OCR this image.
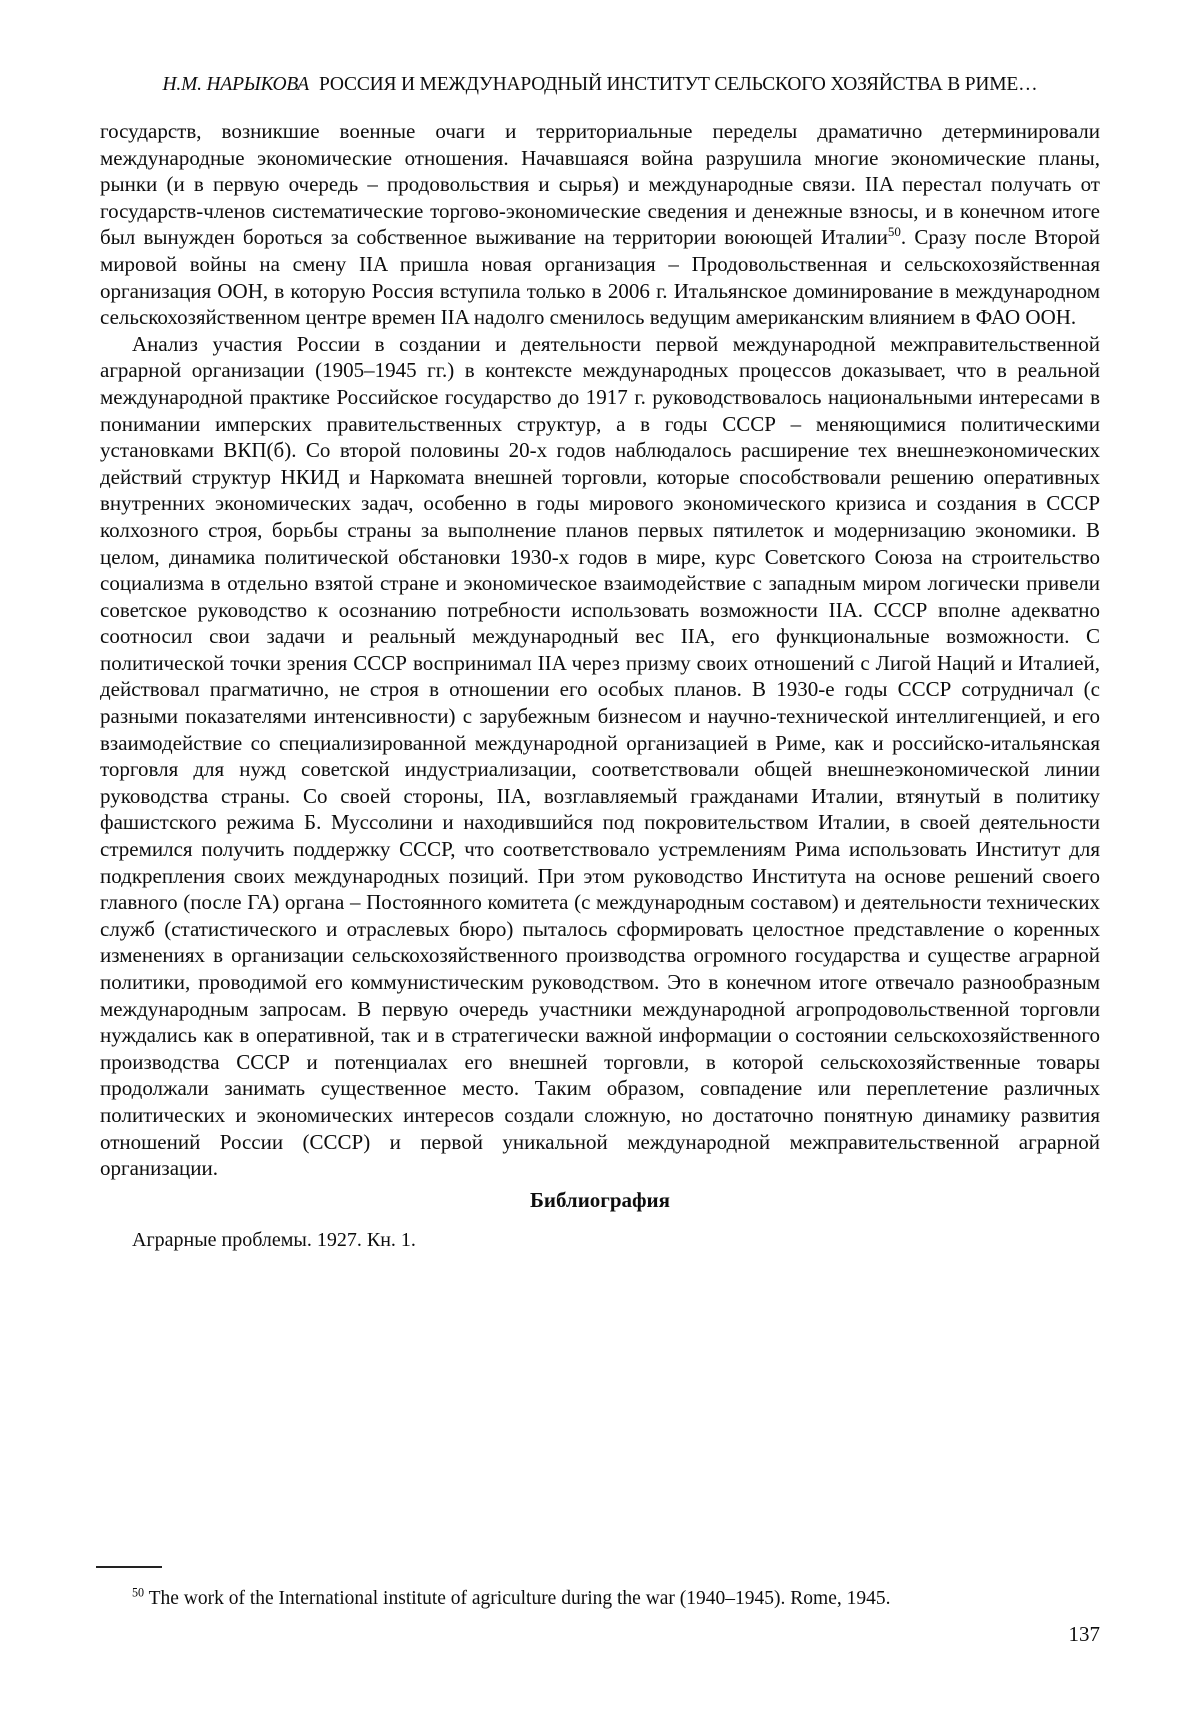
Н.М. НАРЫКОВА РОССИЯ И МЕЖДУНАРОДНЫЙ ИНСТИТУТ СЕЛЬСКОГО ХОЗЯЙСТВА В РИМЕ…

государств, возникшие военные очаги и территориальные переделы драматично детерминировали международные экономические отношения. Начавшаяся война разрушила многие экономические планы, рынки (и в первую очередь – продовольствия и сырья) и международные связи. IIA перестал получать от государств-членов систематические торгово-экономические сведения и денежные взносы, и в конечном итоге был вынужден бороться за собственное выживание на территории воюющей Италии$^{50}$. Сразу после Второй мировой войны на смену IIA пришла новая организация – Продовольственная и сельскохозяйственная организация ООН, в которую Россия вступила только в 2006 г. Итальянское доминирование в международном сельскохозяйственном центре времен IIA надолго сменилось ведущим американским влиянием в ФАО ООН.

Анализ участия России в создании и деятельности первой международной межправительственной аграрной организации (1905–1945 гг.) в контексте международных процессов доказывает, что в реальной международной практике Российское государство до 1917 г. руководствовалось национальными интересами в понимании имперских правительственных структур, а в годы СССР – меняющимися политическими установками ВКП(б). Со второй половины 20-х годов наблюдалось расширение тех внешнеэкономических действий структур НКИД и Наркомата внешней торговли, которые способствовали решению оперативных внутренних экономических задач, особенно в годы мирового экономического кризиса и создания в СССР колхозного строя, борьбы страны за выполнение планов первых пятилеток и модернизацию экономики. В целом, динамика политической обстановки 1930-х годов в мире, курс Советского Союза на строительство социализма в отдельно взятой стране и экономическое взаимодействие с западным миром логически привели советское руководство к осознанию потребности использовать возможности IIA. СССР вполне адекватно соотносил свои задачи и реальный международный вес IIA, его функциональные возможности. С политической точки зрения СССР воспринимал IIA через призму своих отношений с Лигой Наций и Италией, действовал прагматично, не строя в отношении его особых планов. В 1930-е годы СССР сотрудничал (с разными показателями интенсивности) с зарубежным бизнесом и научно-технической интеллигенцией, и его взаимодействие со специализированной международной организацией в Риме, как и российско-итальянская торговля для нужд советской индустриализации, соответствовали общей внешнеэкономической линии руководства страны. Со своей стороны, IIA, возглавляемый гражданами Италии, втянутый в политику фашистского режима Б. Муссолини и находившийся под покровительством Италии, в своей деятельности стремился получить поддержку СССР, что соответствовало устремлениям Рима использовать Институт для подкрепления своих международных позиций. При этом руководство Института на основе решений своего главного (после ГА) органа – Постоянного комитета (с международным составом) и деятельности технических служб (статистического и отраслевых бюро) пыталось сформировать целостное представление о коренных изменениях в организации сельскохозяйственного производства огромного государства и существе аграрной политики, проводимой его коммунистическим руководством. Это в конечном итоге отвечало разнообразным международным запросам. В первую очередь участники международной агропродовольственной торговли нуждались как в оперативной, так и в стратегически важной информации о состоянии сельскохозяйственного производства СССР и потенциалах его внешней торговли, в которой сельскохозяйственные товары продолжали занимать существенное место. Таким образом, совпадение или переплетение различных политических и экономических интересов создали сложную, но достаточно понятную динамику развития отношений России (СССР) и первой уникальной международной межправительственной аграрной организации.

Библиография
Аграрные проблемы. 1927. Кн. 1.
$^{50}$ The work of the International institute of agriculture during the war (1940–1945). Rome, 1945.
137
